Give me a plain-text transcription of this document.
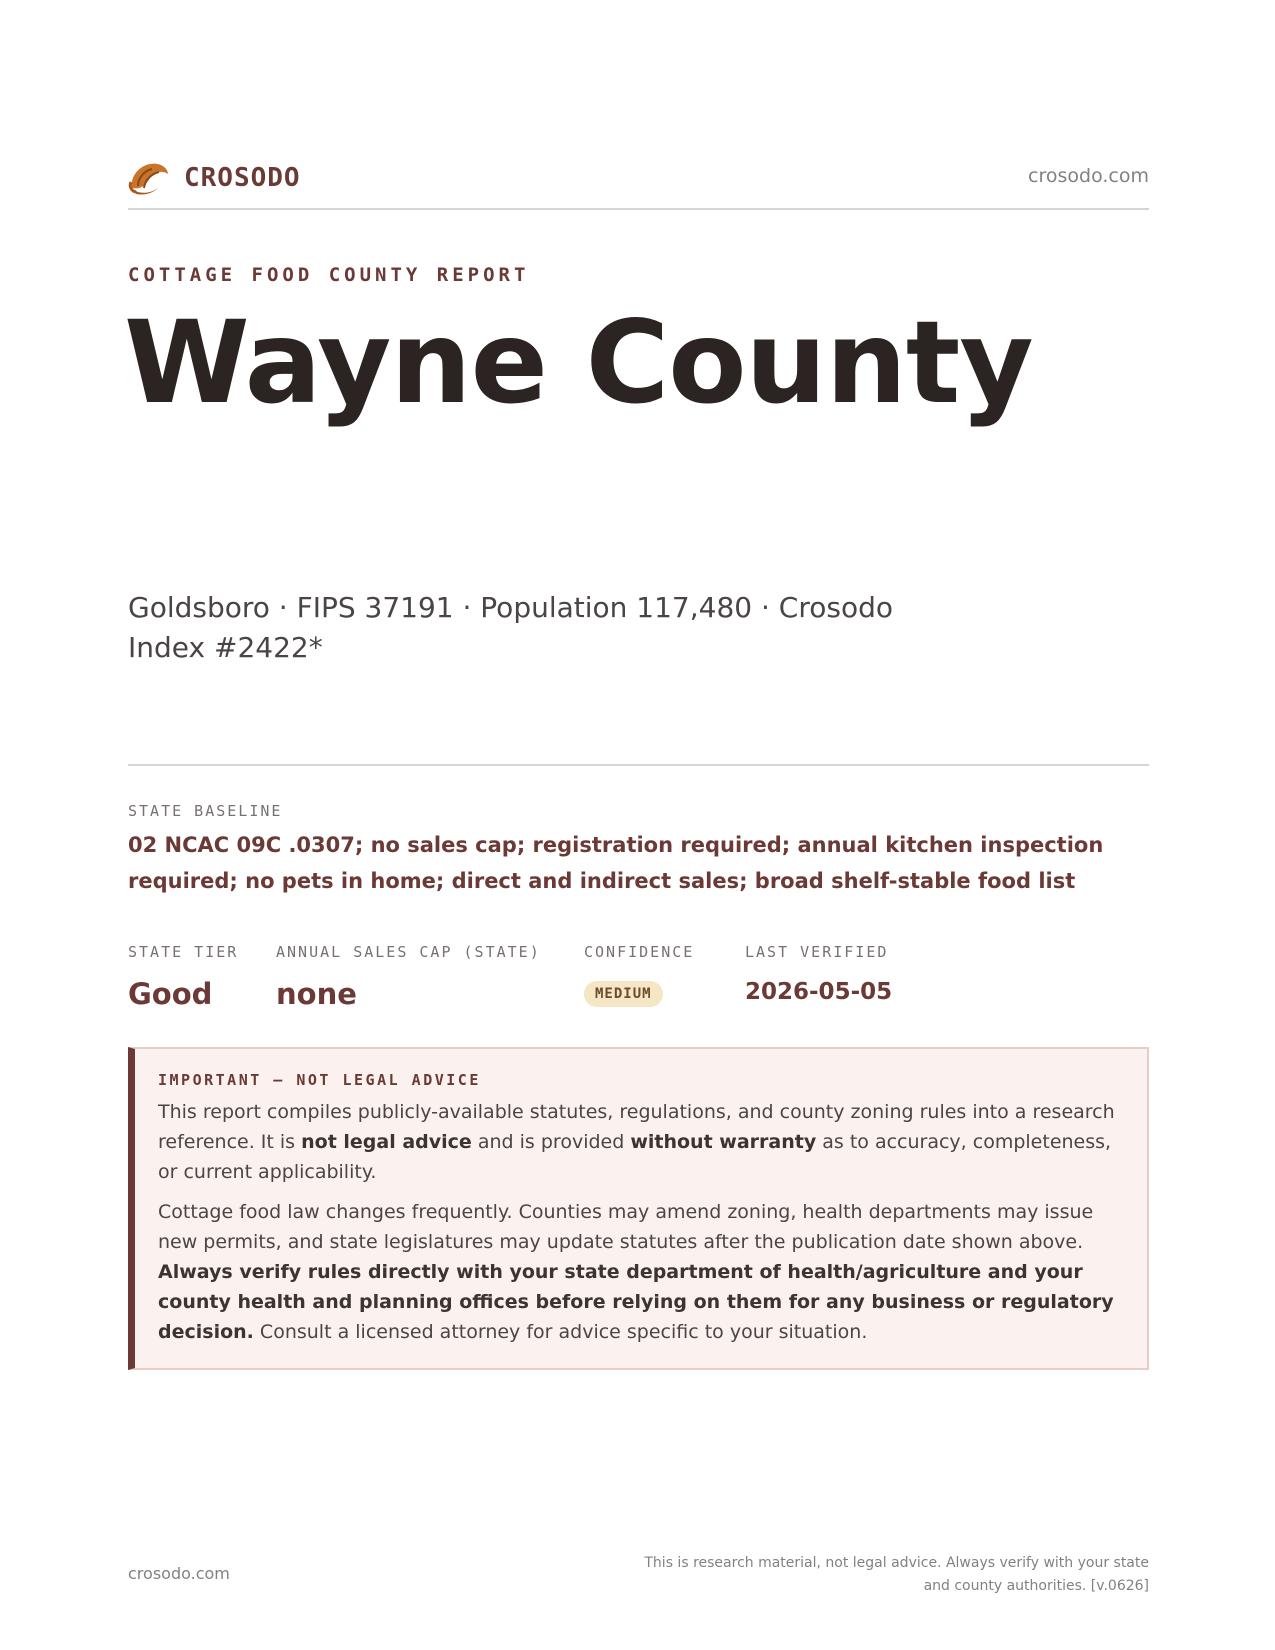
CROSODO	crosodo.com
COTTAGE FOOD COUNTY REPORT
Wayne County
Goldsboro · FIPS 37191 · Population 117,480 · Crosodo Index #2422*
STATE BASELINE
02 NCAC 09C .0307; no sales cap; registration required; annual kitchen inspection required; no pets in home; direct and indirect sales; broad shelf-stable food list
STATE TIER
Good
ANNUAL SALES CAP (STATE)
none
CONFIDENCE
MEDIUM
LAST VERIFIED
2026-05-05
IMPORTANT — NOT LEGAL ADVICE

This report compiles publicly-available statutes, regulations, and county zoning rules into a research reference. It is not legal advice and is provided without warranty as to accuracy, completeness, or current applicability.

Cottage food law changes frequently. Counties may amend zoning, health departments may issue new permits, and state legislatures may update statutes after the publication date shown above. Always verify rules directly with your state department of health/agriculture and your county health and planning offices before relying on them for any business or regulatory decision. Consult a licensed attorney for advice specific to your situation.

crosodo.com
This is research material, not legal advice. Always verify with your state and county authorities. [v.0626]
